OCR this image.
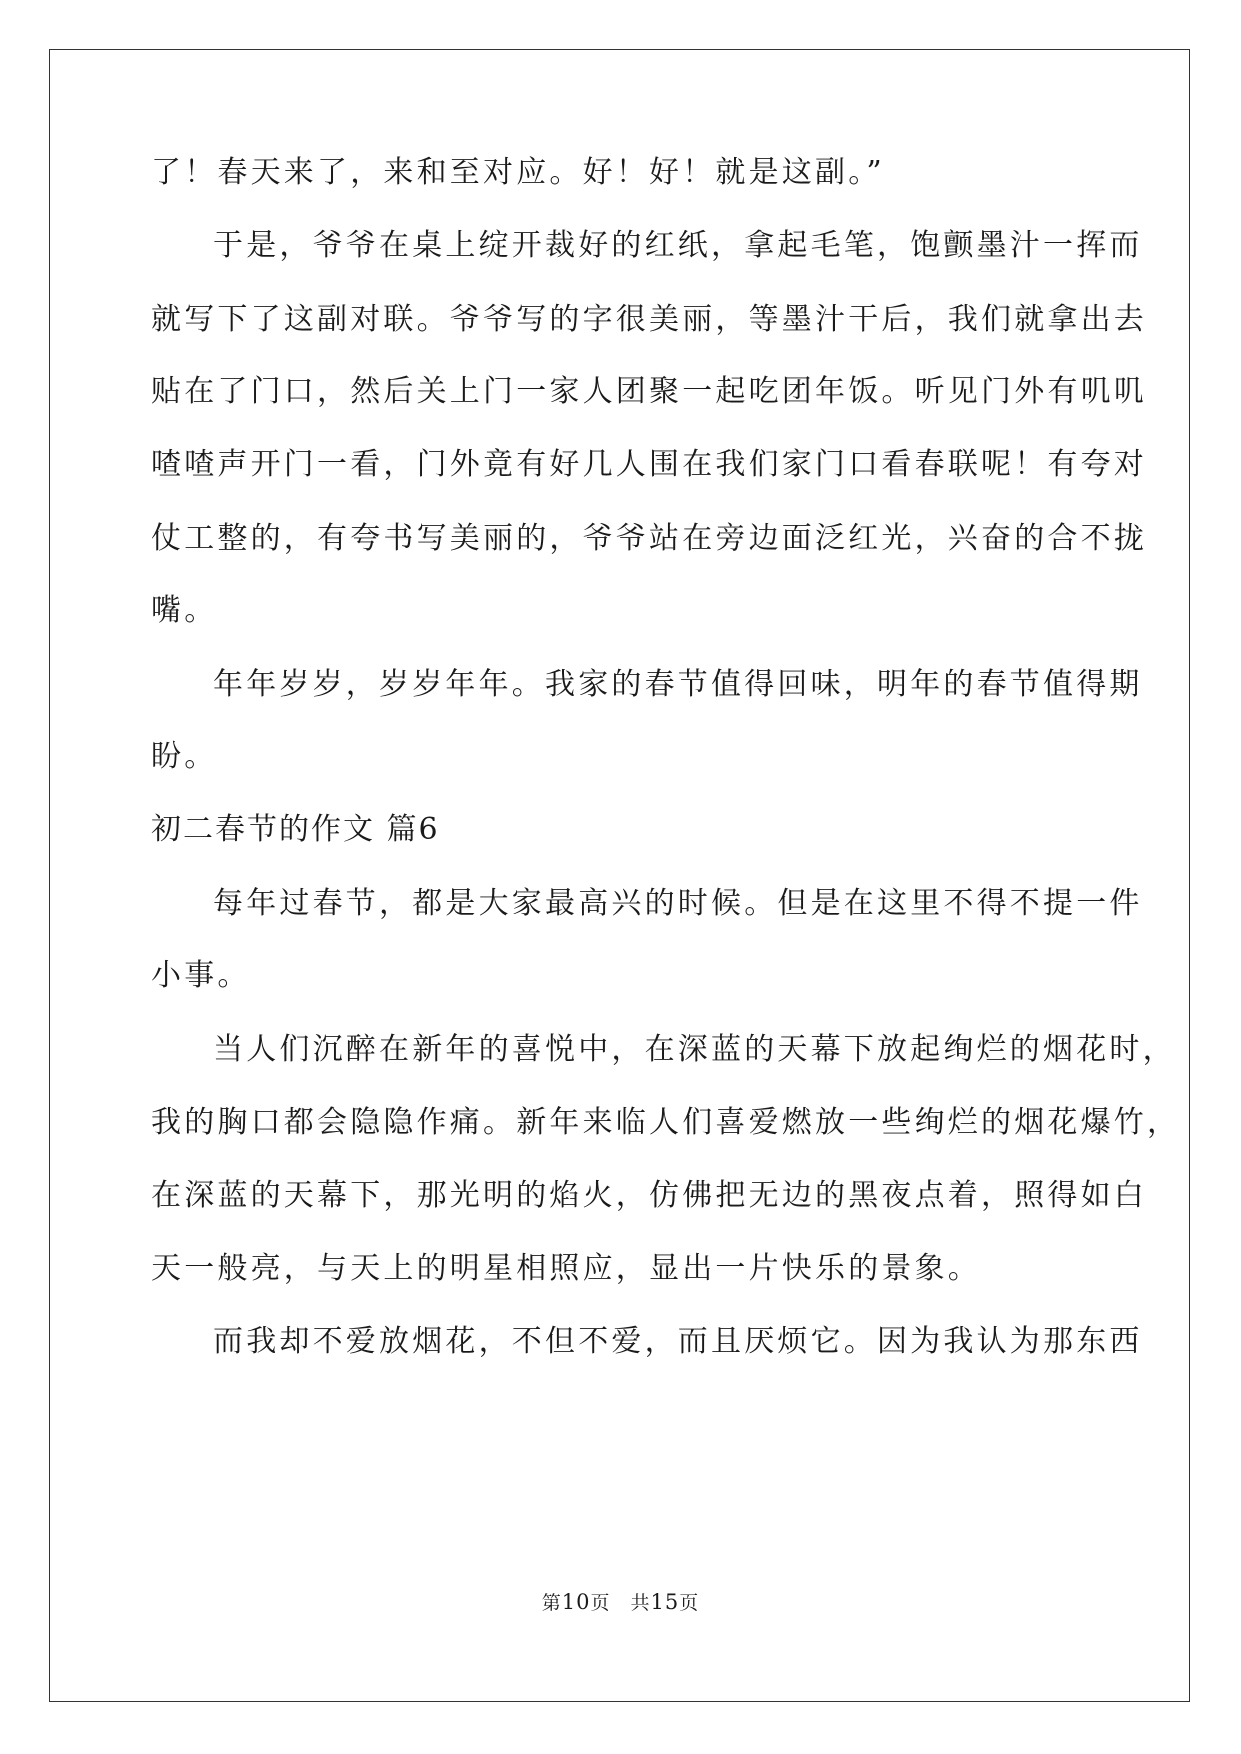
了！春天来了，来和至对应。好！好！就是这副。”
于是，爷爷在桌上绽开裁好的红纸，拿起毛笔，饱颤墨汁一挥而
就写下了这副对联。爷爷写的字很美丽，等墨汁干后，我们就拿出去
贴在了门口，然后关上门一家人团聚一起吃团年饭。听见门外有叽叽
喳喳声开门一看，门外竟有好几人围在我们家门口看春联呢！有夸对
仗工整的，有夸书写美丽的，爷爷站在旁边面泛红光，兴奋的合不拢
嘴。
年年岁岁，岁岁年年。我家的春节值得回味，明年的春节值得期
盼。
初二春节的作文 篇6
每年过春节，都是大家最高兴的时候。但是在这里不得不提一件
小事。
当人们沉醉在新年的喜悦中，在深蓝的天幕下放起绚烂的烟花时，
我的胸口都会隐隐作痛。新年来临人们喜爱燃放一些绚烂的烟花爆竹，
在深蓝的天幕下，那光明的焰火，仿佛把无边的黑夜点着，照得如白
天一般亮，与天上的明星相照应，显出一片快乐的景象。
而我却不爱放烟花，不但不爱，而且厌烦它。因为我认为那东西
第10页　共15页
